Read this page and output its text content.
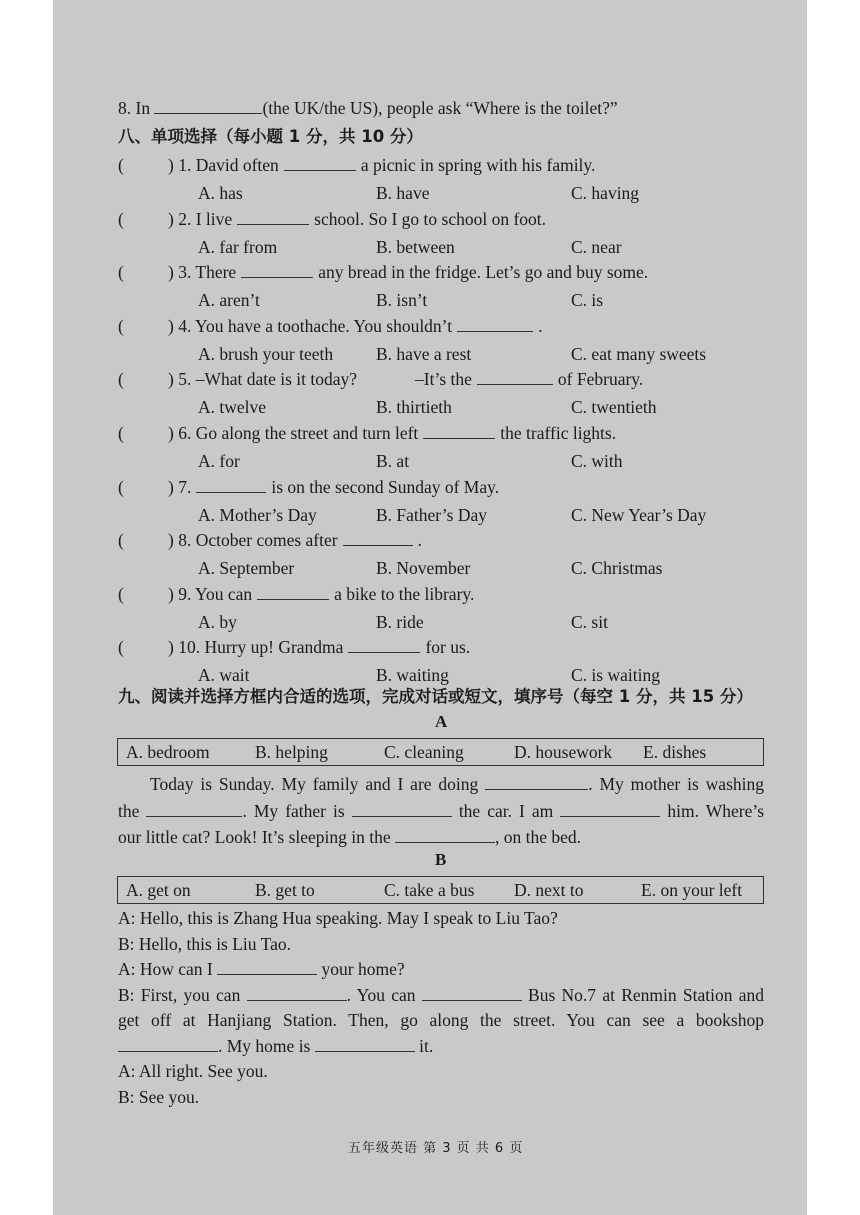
8. In	(the UK/the US), people ask “Where is the toilet?”
八、单项选择（每小题 1 分，共 10 分）
(	) 1. David often	a picnic in spring with his family.
A. has	B. have	C. having
(	) 2. I live	school. So I go to school on foot.
A. far from	B. between	C. near
(	) 3. There	any bread in the fridge. Let’s go and buy some.
A. aren’t	B. isn’t	C. is
(	) 4. You have a toothache. You shouldn’t	.
A. brush your teeth B. have a rest	C. eat many sweets
(	) 5. –What date is it today?	–It’s the	of February.
A. twelve	B. thirtieth	C. twentieth
(	) 6. Go along the street and turn left	the traffic lights.
A. for	B. at	C. with
(	) 7.	is on the second Sunday of May.
A. Mother’s Day	B. Father’s Day	C. New Year’s Day
(	) 8. October comes after	.
A. September	B. November	C. Christmas
(	) 9. You can	a bike to the library.
A. by	B. ride	C. sit
(	) 10. Hurry up! Grandma	for us.
A. wait	B. waiting	C. is waiting
九、阅读并选择方框内合适的选项，完成对话或短文，填序号（每空 1 分，共 15 分）
A
A. bedroom	B. helping	C. cleaning	D. housework E. dishes
Today is Sunday. My family and I are doing	. My mother is washing
the	. My father is	the car. I am	him. Where’s
our little cat? Look! It’s sleeping in the	, on the bed.
B
A. get on	B. get to	C. take a bus D. next to	E. on your left
A: Hello, this is Zhang Hua speaking. May I speak to Liu Tao?
B: Hello, this is Liu Tao.
A: How can I	your home?
B: First, you can	. You can	Bus No.7 at Renmin Station and
get off at Hanjiang Station. Then, go along the street. You can see a bookshop
. My home is	it.
A: All right. See you.
B: See you.
五年级英语 第 3 页 共 6 页
